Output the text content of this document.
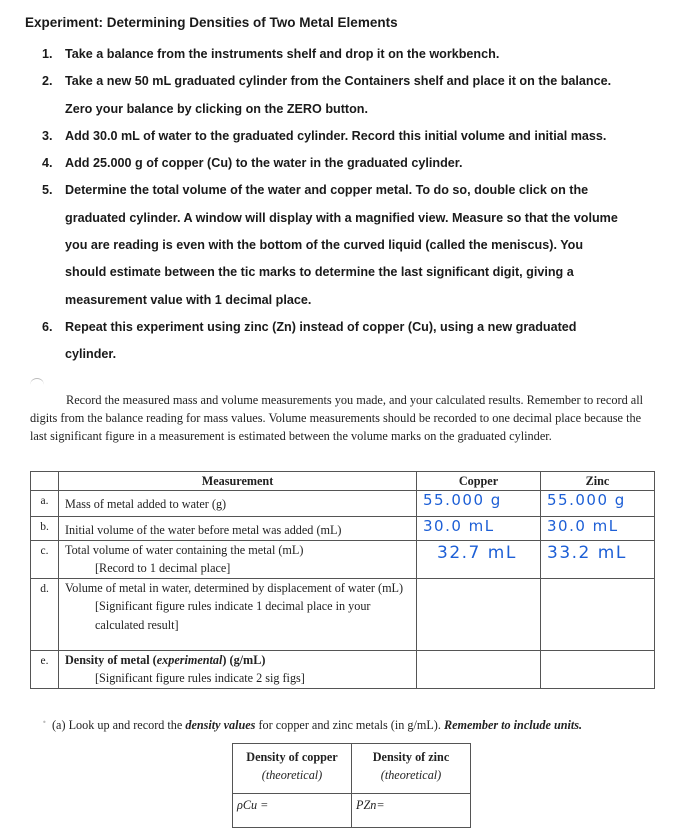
Experiment: Determining Densities of Two Metal Elements
1. Take a balance from the instruments shelf and drop it on the workbench.
2. Take a new 50 mL graduated cylinder from the Containers shelf and place it on the balance.
Zero your balance by clicking on the ZERO button.
3. Add 30.0 mL of water to the graduated cylinder. Record this initial volume and initial mass.
4. Add 25.000 g of copper (Cu) to the water in the graduated cylinder.
5. Determine the total volume of the water and copper metal. To do so, double click on the
graduated cylinder. A window will display with a magnified view. Measure so that the volume
you are reading is even with the bottom of the curved liquid (called the meniscus). You
should estimate between the tic marks to determine the last significant digit, giving a
measurement value with 1 decimal place.
6. Repeat this experiment using zinc (Zn) instead of copper (Cu), using a new graduated
cylinder.
Record the measured mass and volume measurements you made, and your calculated results. Remember to record all digits from the balance reading for mass values. Volume measurements should be recorded to one decimal place because the last significant figure in a measurement is estimated between the volume marks on the graduated cylinder.
	Measurement	Copper	Zinc

a.	Mass of metal added to water (g)	55.000 g	55.000 g

b.	Initial volume of the water before metal was added (mL)	30.0 mL	30.0 mL

c.	Total volume of water containing the metal (mL)
[Record to 1 decimal place]	32.7 mL	33.2 mL

d.	Volume of metal in water, determined by displacement of water (mL)
[Significant figure rules indicate 1 decimal place in your calculated result]		

e.	Density of metal (experimental) (g/mL)
[Significant figure rules indicate 2 sig figs]		

• (a) Look up and record the density values for copper and zinc metals (in g/mL). Remember to include units.
Density of copper
(theoretical)	Density of zinc
(theoretical)

ρCu =	PZn=
